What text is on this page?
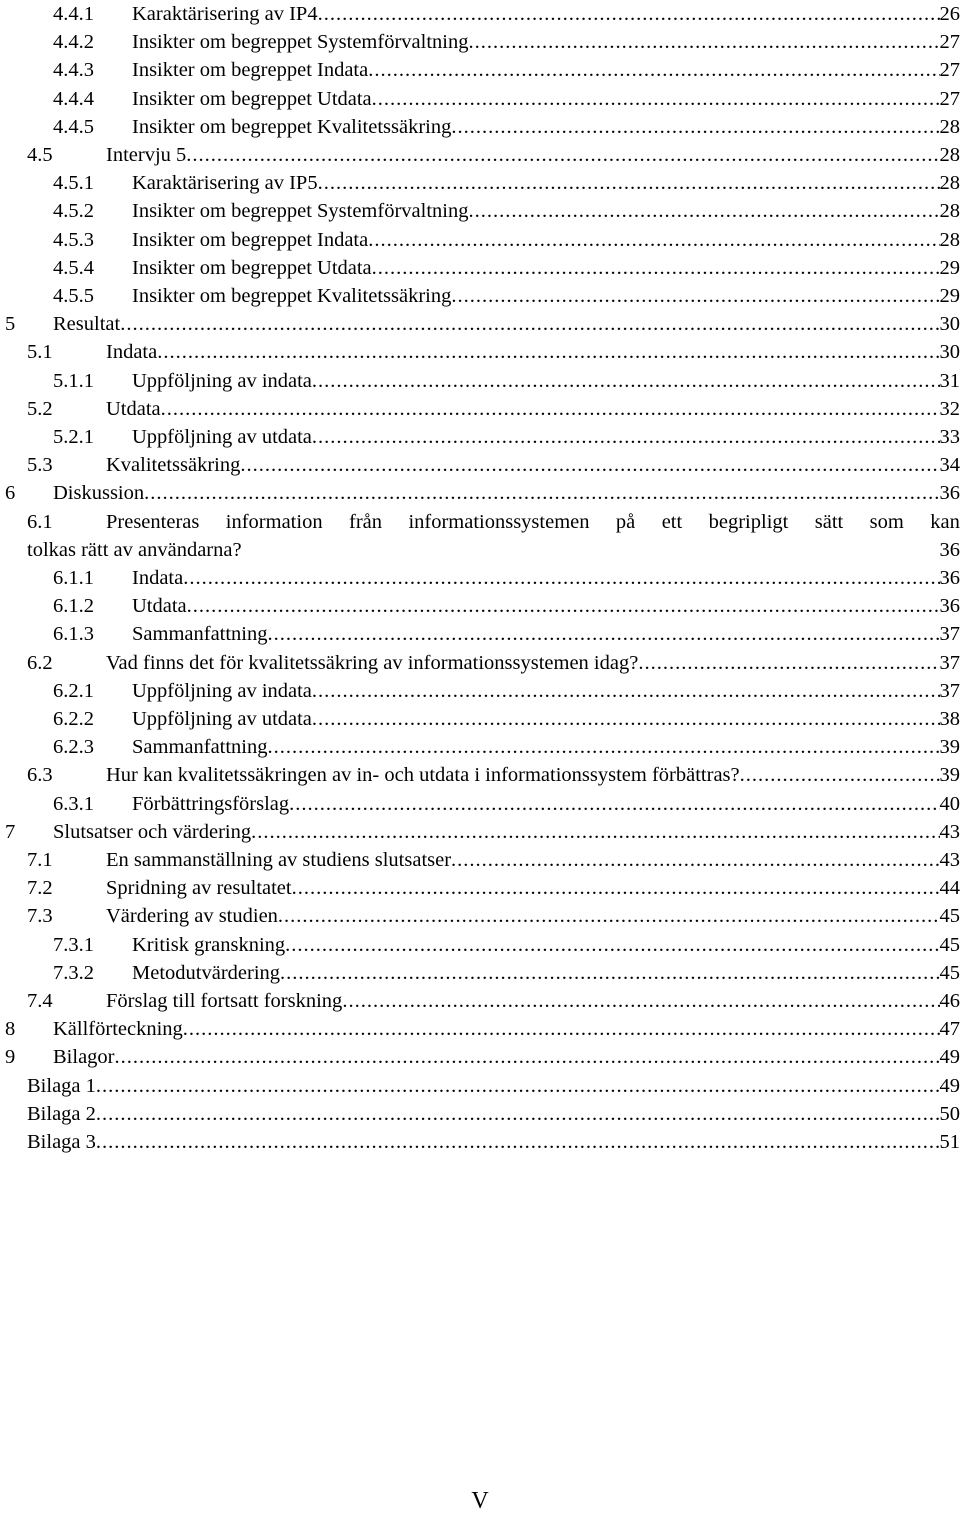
4.4.1 Karaktärisering av IP4 .....	26
4.4.2 Insikter om begreppet Systemförvaltning .....	27
4.4.3 Insikter om begreppet Indata .....	27
4.4.4 Insikter om begreppet Utdata .....	27
4.4.5 Insikter om begreppet Kvalitetssäkring .....	28
4.5	Intervju 5 .....	28
4.5.1 Karaktärisering av IP5 .....	28
4.5.2 Insikter om begreppet Systemförvaltning .....	28
4.5.3 Insikter om begreppet Indata .....	28
4.5.4 Insikter om begreppet Utdata .....	29
4.5.5 Insikter om begreppet Kvalitetssäkring .....	29
5 Resultat .....	30
5.1	Indata .....	30
5.1.1 Uppföljning av indata .....	31
5.2	Utdata .....	32
5.2.1 Uppföljning av utdata .....	33
5.3	Kvalitetssäkring .....	34
6 Diskussion .....	36
6.1	Presenteras information från informationssystemen på ett begripligt sätt som kan
tolkas rätt av användarna?	36
6.1.1 Indata .....	36
6.1.2 Utdata .....	36
6.1.3 Sammanfattning .....	37
6.2	Vad finns det för kvalitetssäkring av informationssystemen idag? .....	37
6.2.1 Uppföljning av indata .....	37
6.2.2 Uppföljning av utdata .....	38
6.2.3 Sammanfattning .....	39
6.3	Hur kan kvalitetssäkringen av in- och utdata i informationssystem förbättras? .....	39
6.3.1 Förbättringsförslag .....	40
7 Slutsatser och värdering .....	43
7.1	En sammanställning av studiens slutsatser .....	43
7.2	Spridning av resultatet .....	44
7.3	Värdering av studien .....	45
7.3.1 Kritisk granskning .....	45
7.3.2 Metodutvärdering .....	45
7.4	Förslag till fortsatt forskning .....	46
8 Källförteckning .....	47
9 Bilagor .....	49
Bilaga 1 .....	49
Bilaga 2 .....	50
Bilaga 3 .....	51
V
